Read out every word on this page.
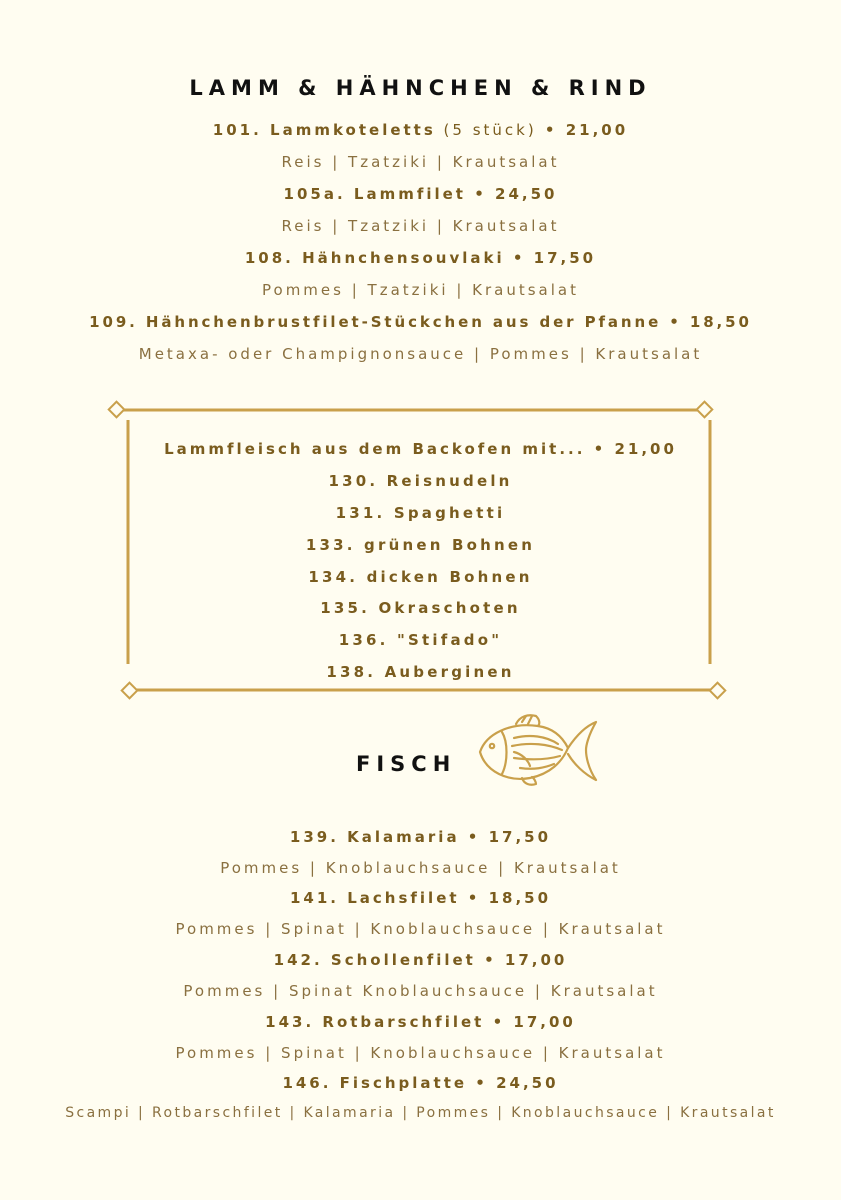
LAMM & HÄHNCHEN & RIND
101. Lammkoteletts (5 stück) • 21,00
Reis | Tzatziki | Krautsalat
105a. Lammfilet • 24,50
Reis | Tzatziki | Krautsalat
108. Hähnchensouvlaki • 17,50
Pommes | Tzatziki | Krautsalat
109. Hähnchenbrustfilet-Stückchen aus der Pfanne • 18,50
Metaxa- oder Champignonsauce | Pommes | Krautsalat
Lammfleisch aus dem Backofen mit... • 21,00
130. Reisnudeln
131. Spaghetti
133. grünen Bohnen
134. dicken Bohnen
135. Okraschoten
136. "Stifado"
138. Auberginen
FISCH
139. Kalamaria • 17,50
Pommes | Knoblauchsauce | Krautsalat
141. Lachsfilet • 18,50
Pommes | Spinat | Knoblauchsauce | Krautsalat
142. Schollenfilet • 17,00
Pommes | Spinat Knoblauchsauce | Krautsalat
143. Rotbarschfilet • 17,00
Pommes | Spinat | Knoblauchsauce | Krautsalat
146. Fischplatte • 24,50
Scampi | Rotbarschfilet | Kalamaria | Pommes | Knoblauchsauce | Krautsalat
